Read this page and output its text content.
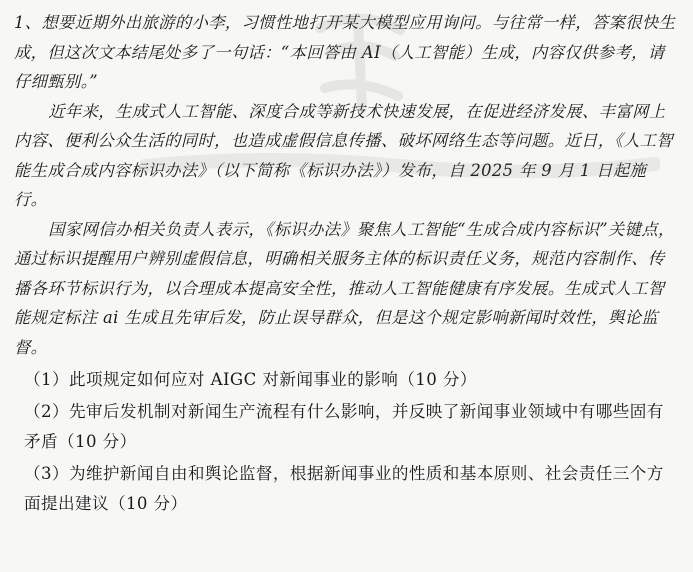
1、想要近期外出旅游的小李，习惯性地打开某大模型应用询问。与往常一样，答案很快生成，但这次文本结尾处多了一句话：“本回答由 AI（人工智能）生成，内容仅供参考，请仔细甄别。”

近年来，生成式人工智能、深度合成等新技术快速发展，在促进经济发展、丰富网上内容、便利公众生活的同时，也造成虚假信息传播、破坏网络生态等问题。近日，《人工智能生成合成内容标识办法》（以下简称《标识办法》）发布，自 2025 年 9 月 1 日起施行。

国家网信办相关负责人表示，《标识办法》聚焦人工智能“生成合成内容标识”关键点，通过标识提醒用户辨别虚假信息，明确相关服务主体的标识责任义务，规范内容制作、传播各环节标识行为，以合理成本提高安全性，推动人工智能健康有序发展。生成式人工智能规定标注 ai 生成且先审后发，防止误导群众，但是这个规定影响新闻时效性，舆论监督。

（1）此项规定如何应对 AIGC 对新闻事业的影响（10 分）

（2）先审后发机制对新闻生产流程有什么影响，并反映了新闻事业领域中有哪些固有矛盾（10 分）

（3）为维护新闻自由和舆论监督，根据新闻事业的性质和基本原则、社会责任三个方面提出建议（10 分）
